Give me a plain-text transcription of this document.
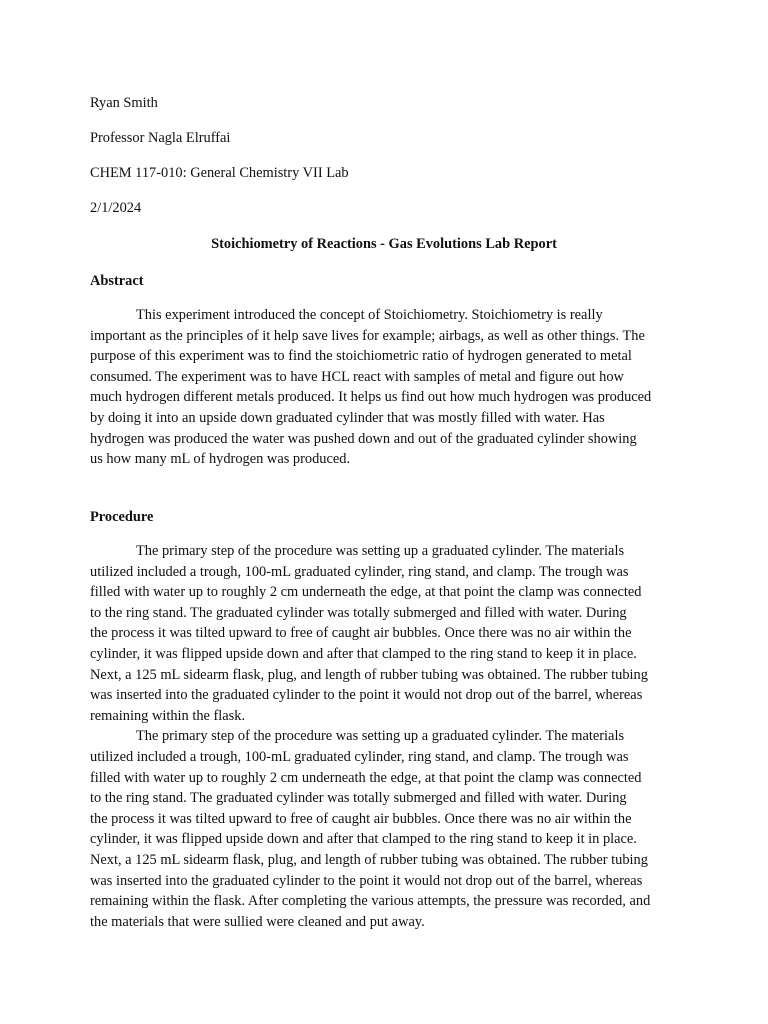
Ryan Smith
Professor Nagla Elruffai
CHEM 117-010: General Chemistry VII Lab
2/1/2024
Stoichiometry of Reactions - Gas Evolutions Lab Report
Abstract
This experiment introduced the concept of Stoichiometry. Stoichiometry is really
important as the principles of it help save lives for example; airbags, as well as other things. The
purpose of this experiment was to find the stoichiometric ratio of hydrogen generated to metal
consumed. The experiment was to have HCL react with samples of metal and figure out how
much hydrogen different metals produced. It helps us find out how much hydrogen was produced
by doing it into an upside down graduated cylinder that was mostly filled with water. Has
hydrogen was produced the water was pushed down and out of the graduated cylinder showing
us how many mL of hydrogen was produced.
Procedure
The primary step of the procedure was setting up a graduated cylinder. The materials
utilized included a trough, 100-mL graduated cylinder, ring stand, and clamp. The trough was
filled with water up to roughly 2 cm underneath the edge, at that point the clamp was connected
to the ring stand. The graduated cylinder was totally submerged and filled with water. During
the process it was tilted upward to free of caught air bubbles. Once there was no air within the
cylinder, it was flipped upside down and after that clamped to the ring stand to keep it in place.
Next, a 125 mL sidearm flask, plug, and length of rubber tubing was obtained. The rubber tubing
was inserted into the graduated cylinder to the point it would not drop out of the barrel, whereas
remaining within the flask.
The primary step of the procedure was setting up a graduated cylinder. The materials
utilized included a trough, 100-mL graduated cylinder, ring stand, and clamp. The trough was
filled with water up to roughly 2 cm underneath the edge, at that point the clamp was connected
to the ring stand. The graduated cylinder was totally submerged and filled with water. During
the process it was tilted upward to free of caught air bubbles. Once there was no air within the
cylinder, it was flipped upside down and after that clamped to the ring stand to keep it in place.
Next, a 125 mL sidearm flask, plug, and length of rubber tubing was obtained. The rubber tubing
was inserted into the graduated cylinder to the point it would not drop out of the barrel, whereas
remaining within the flask. After completing the various attempts, the pressure was recorded, and
the materials that were sullied were cleaned and put away.
